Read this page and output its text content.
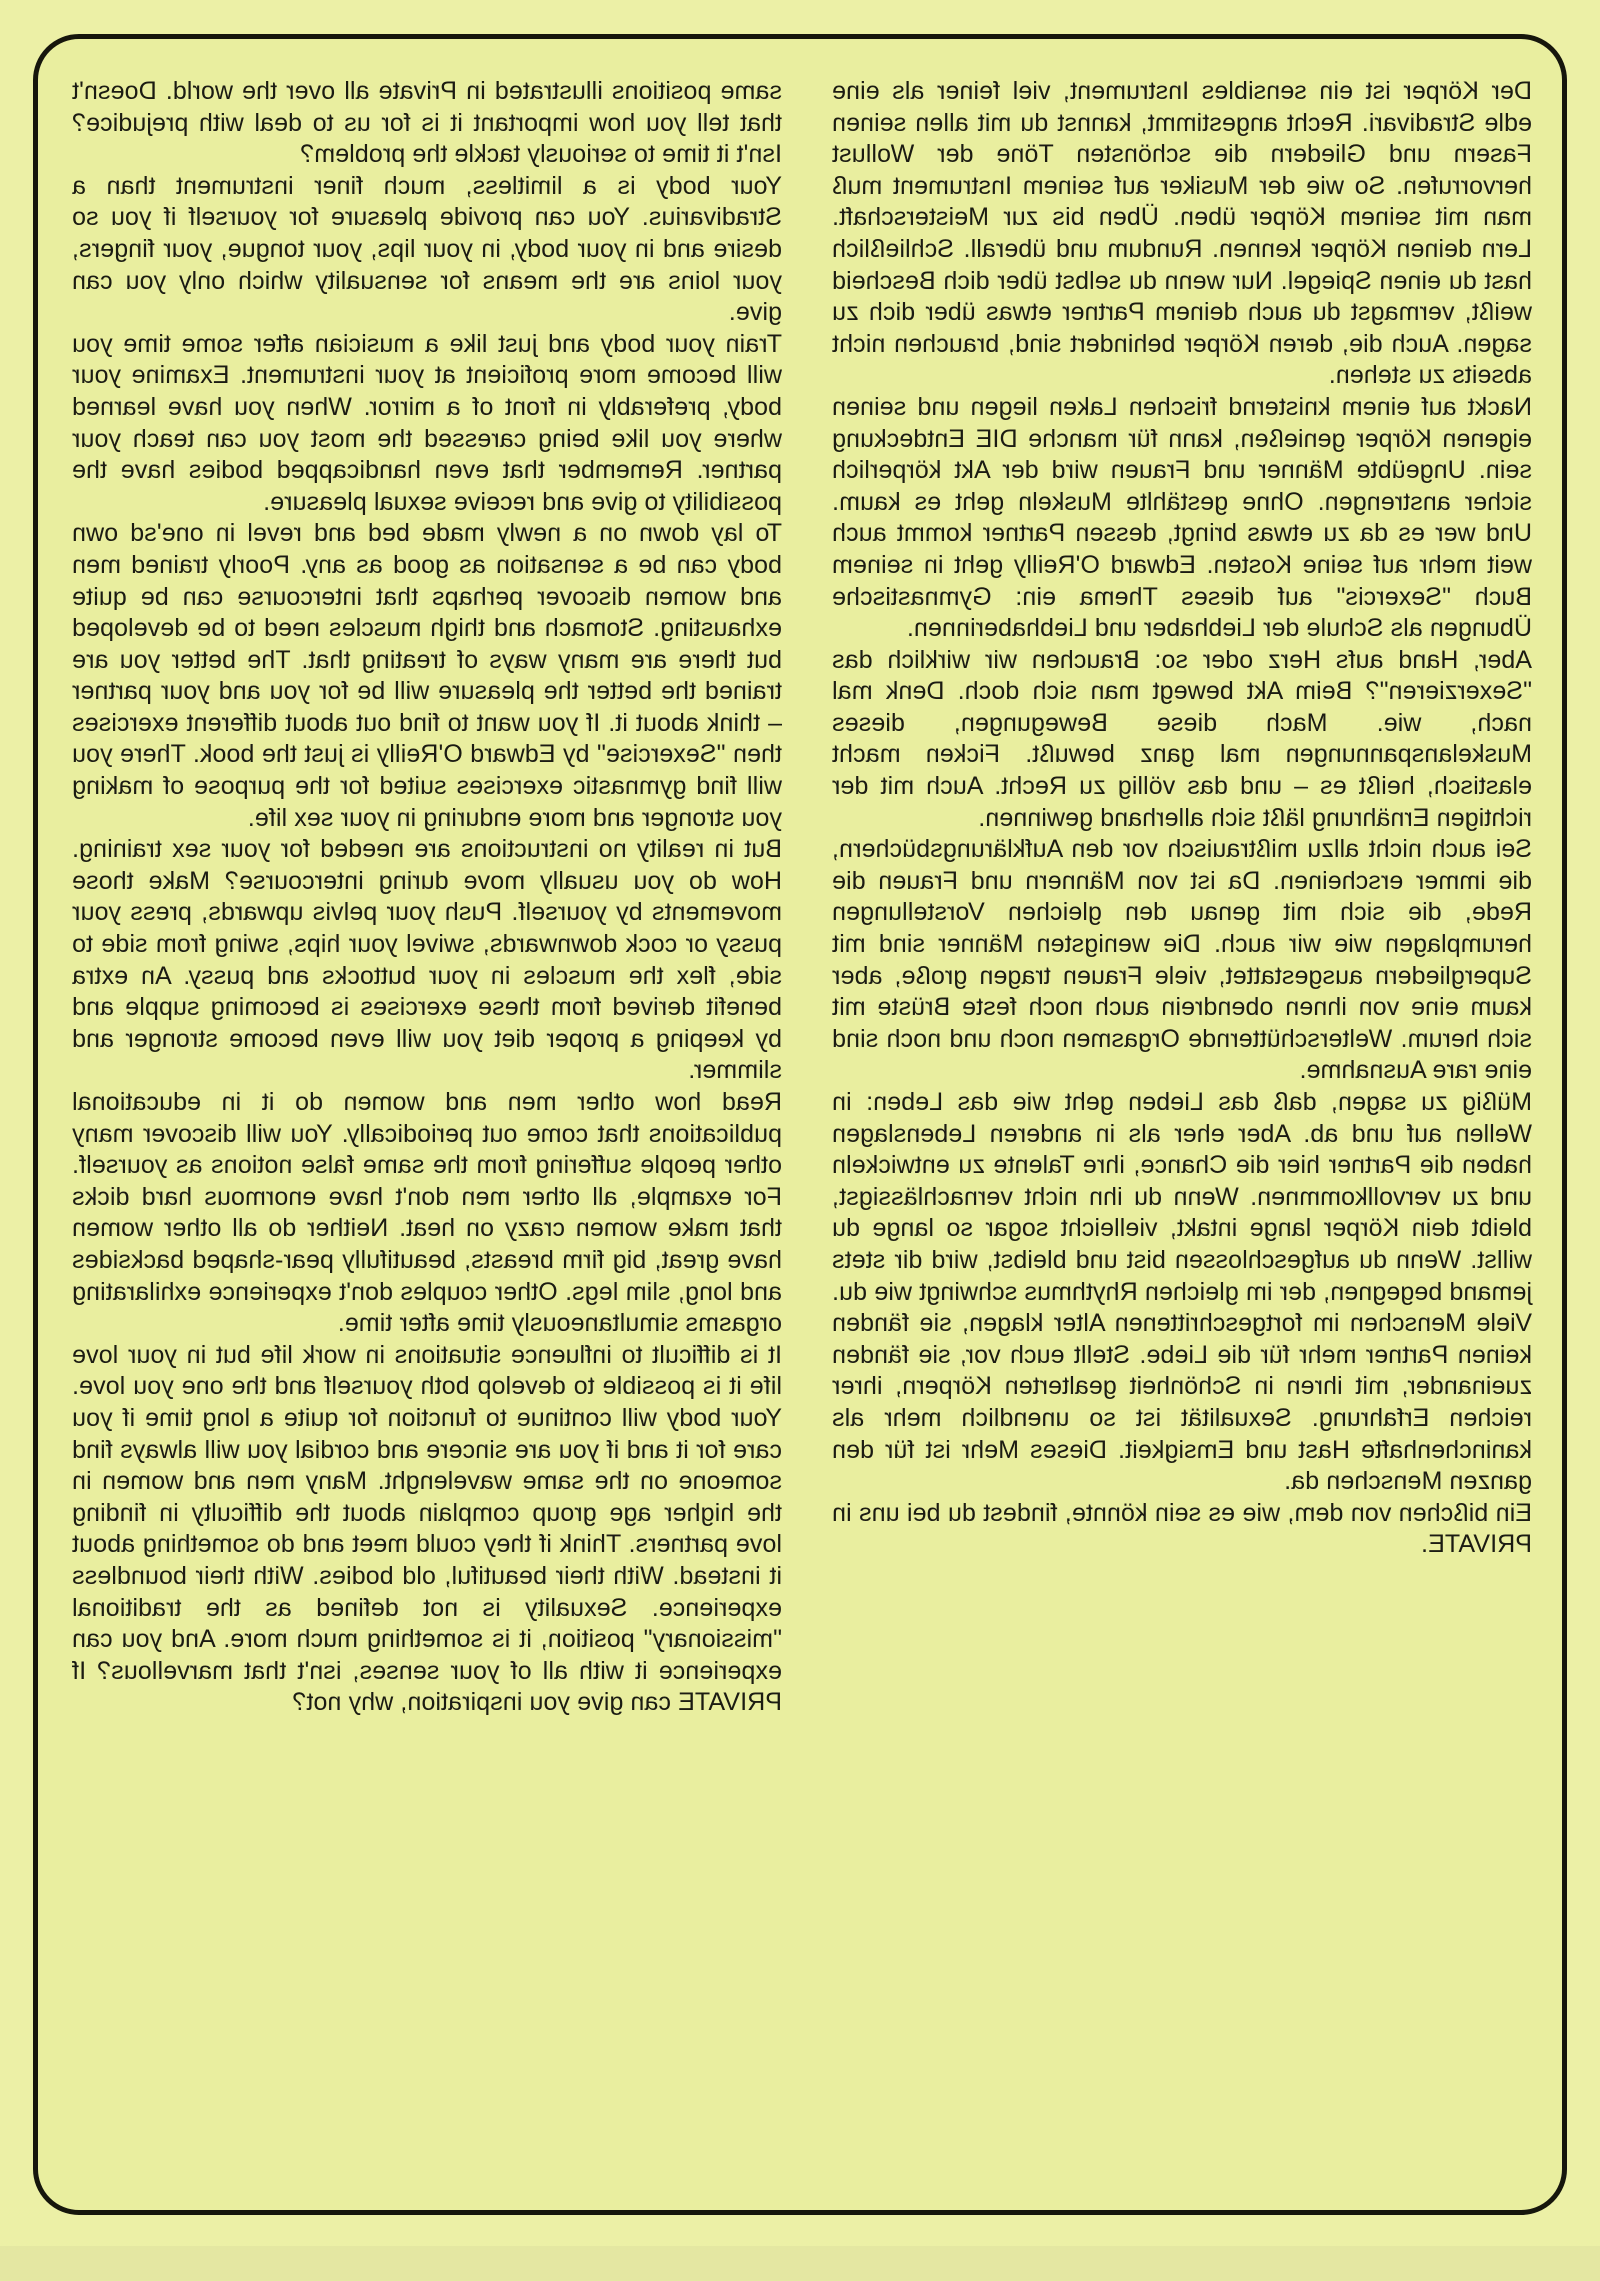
Der Körper ist ein sensibles Instrument, viel feiner als eine edle Stradivari. Recht angestimmt, kannst du mit allen seinen Fasern und Gliedern die schönsten Töne der Wollust hervorrufen. So wie der Musiker auf seinem Instrument muß man mit seinem Körper üben. Üben bis zur Meisterschaft. Lern deinen Körper kennen. Rundum und überall. Schließlich hast du einen Spiegel. Nur wenn du selbst über dich Bescheid weißt, vermagst du auch deinem Partner etwas über dich zu sagen. Auch die, deren Körper behindert sind, brauchen nicht abseits zu stehen.

Nackt auf einem knisternd frischen Laken liegen und seinen eigenen Körper genießen, kann für manche DIE Entdeckung sein. Ungeübte Männer und Frauen wird der Akt körperlich sicher anstrengen. Ohne gestählte Muskeln geht es kaum. Und wer es da zu etwas bringt, dessen Partner kommt auch weit mehr auf seine Kosten. Edward O'Reilly geht in seinem Buch "Sexercis" auf dieses Thema ein: Gymnastische Übungen als Schule der Liebhaber und Liebhaberinnen.

Aber, Hand aufs Herz oder so: Brauchen wir wirklich das "Sexerzieren"? Beim Akt bewegt man sich doch. Denk mal nach, wie. Mach diese Bewegungen, dieses Muskelanspannungen mal ganz bewußt. Ficken macht elastisch, heißt es – und das völlig zu Recht. Auch mit der richtigen Ernährung läßt sich allerhand gewinnen.

Sei auch nicht allzu mißtrauisch vor den Aufklärungsbüchern, die immer erscheinen. Da ist von Männern und Frauen die Rede, die sich mit genau den gleichen Vorstellungen herumplagen wie wir auch. Die wenigsten Männer sind mit Supergliedern ausgestattet, viele Frauen tragen große, aber kaum eine von ihnen obendrein auch noch feste Brüste mit sich herum. Welterschütternde Orgasmen noch und noch sind eine rare Ausnahme.

Müßig zu sagen, daß das Lieben geht wie das Leben: in Wellen auf und ab. Aber eher als in anderen Lebenslagen haben die Partner hier die Chance, ihre Talente zu entwickeln und zu vervollkommnen. Wenn du ihn nicht vernachlässigst, bleibt dein Körper lange intakt, vielleicht sogar so lange du willst. Wenn du aufgeschlossen bist und bleibst, wird dir stets jemand begegnen, der im gleichen Rhythmus schwingt wie du. Viele Menschen im fortgeschrittenen Alter klagen, sie fänden keinen Partner mehr für die Liebe. Stellt euch vor, sie fänden zueinander, mit ihren in Schönheit gealterten Körpern, ihrer reichen Erfahrung. Sexualität ist so unendlich mehr als kaninchenhafte Hast und Emsigkeit. Dieses Mehr ist für den ganzen Menschen da.

Ein bißchen von dem, wie es sein könnte, findest du bei uns in PRIVATE.

same positions illustrated in Private all over the world. Doesn't that tell you how important it is for us to deal with prejudice? Isn't it time to seriously tackle the problem?

Your body is a limitless, much finer instrument than a Stradivarius. You can provide pleasure for yourself if you so desire and in your body, in your lips, your tongue, your fingers, your loins are the means for sensuality which only you can give.

Train your body and just like a musician after some time you will become more proficient at your instrument. Examine your body, preferably in front of a mirror. When you have learned where you like being caressed the most you can teach your partner. Remember that even handicapped bodies have the possibility to give and receive sexual pleasure.

To lay down on a newly made bed and revel in one'sd own body can be a sensation as good as any. Poorly trained men and women discover perhaps that intercourse can be quite exhausting. Stomach and thigh muscles need to be developed but there are many ways of treating that. The better you are trained the better the pleasure will be for you and your partner – think about it. If you want to find out about different exercises then "Sexercise" by Edward O'Reilly is just the book. There you will find gymnastic exercises suited for the purpose of making you stronger and more enduring in your sex life.

But in reality no instructions are needed for your sex training. How do you usually move during intercourse? Make those movements by yourself. Push your pelvis upwards, press your pussy or cock downwards, swivel your hips, swing from side to side, flex the muscles in your buttocks and pussy. An extra benefit derived from these exercises is becoming supple and by keeping a proper diet you will even become stronger and slimmer.

Read how other men and women do it in educational publications that come out periodically. You will discover many other people suffering from the same false notions as yourself. For example, all other men don't have enormous hard dicks that make women crazy on heat. Neither do all other women have great, big firm breasts, beautifully pear-shaped backsides and long, slim legs. Other couples don't experience exhilarating orgasms simultaneously time after time.

It is difficult to influence situations in work life but in your love life it is possible to develop both yourself and the one you love. Your body will continue to function for quite a long time if you care for it and if you are sincere and cordial you will always find someone on the same wavelenght. Many men and women in the higher age group complain about the difficulty in finding love partners. Think if they could meet and do something about it instead. With their beautiful, old bodies. With their boundless experience. Sexuality is not defined as the traditional "missionary" position, it is something much more. And you can experience it with all of your senses, isn't that marvellous? If PRIVATE can give you inspiration, why not?
